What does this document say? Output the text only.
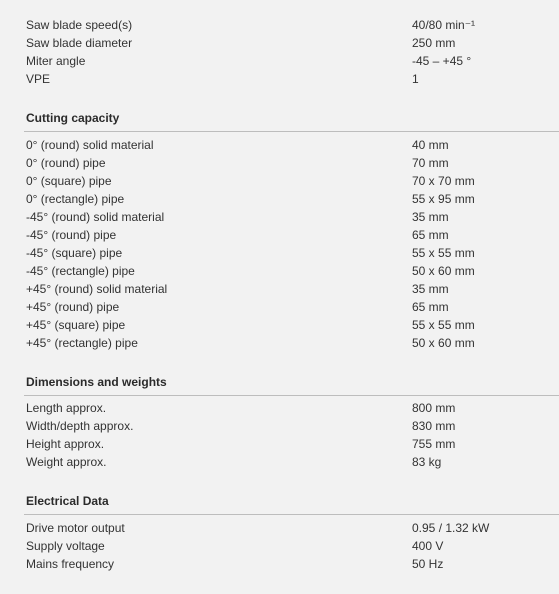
Saw blade speed(s)	40/80 min⁻¹
Saw blade diameter	250 mm
Miter angle	-45 – +45 °
VPE	1
Cutting capacity
0° (round) solid material	40 mm
0° (round) pipe	70 mm
0° (square) pipe	70 x 70 mm
0° (rectangle) pipe	55 x 95 mm
-45° (round) solid material	35 mm
-45° (round) pipe	65 mm
-45° (square) pipe	55 x 55 mm
-45° (rectangle) pipe	50 x 60 mm
+45° (round) solid material	35 mm
+45° (round) pipe	65 mm
+45° (square) pipe	55 x 55 mm
+45° (rectangle) pipe	50 x 60 mm
Dimensions and weights
Length approx.	800 mm
Width/depth approx.	830 mm
Height approx.	755 mm
Weight approx.	83 kg
Electrical Data
Drive motor output	0.95 / 1.32 kW
Supply voltage	400 V
Mains frequency	50 Hz
